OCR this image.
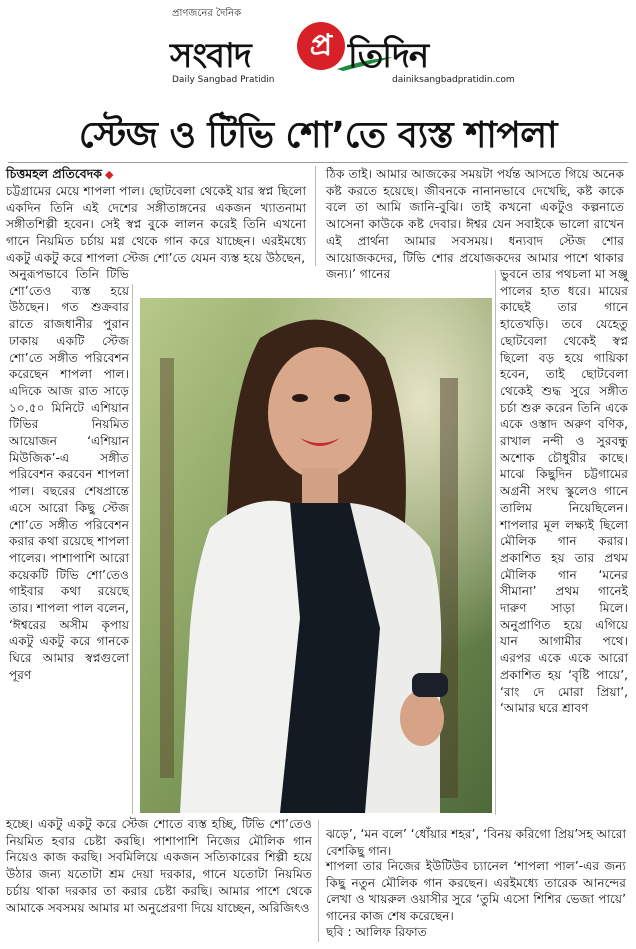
প্রাণজনের দৈনিক
সংবাদ	প্র তিদিন
Daily Sangbad Pratidin	dainiksangbadpratidin.com
স্টেজ ও টিভি শো’তে ব্যস্ত শাপলা
চিত্তমহল প্রতিবেদক ◆

চট্টগ্রামের মেয়ে শাপলা পাল। ছোটবেলা থেকেই যার স্বপ্ন ছিলো একদিন তিনি এই দেশের সঙ্গীতাঙ্গনের একজন খ্যাতনামা সঙ্গীতশিল্পী হবেন। সেই স্বপ্ন বুকে লালন করেই তিনি এখনো গানে নিয়মিত চর্চায় মগ্ন থেকে গান করে যাচ্ছেন। এরইমধ্যে একটু একটু করে শাপলা স্টেজ শো’তে যেমন ব্যস্ত হয়ে উঠছেন,

অনুরূপভাবে তিনি টিভি শো’তেও ব্যস্ত হয়ে উঠছেন। গত শুক্রবার রাতে রাজধানীর পুরান ঢাকায় একটি স্টেজ শো’তে সঙ্গীত পরিবেশন করেছেন শাপলা পাল। এদিকে আজ রাত সাড়ে ১০.৫০ মিনিটে এশিয়ান টিভির নিয়মিত আয়োজন ‘এশিয়ান মিউজিক’-এ সঙ্গীত পরিবেশন করবেন শাপলা পাল। বছরের শেষপ্রান্তে এসে আরো কিছু স্টেজ শো’তে সঙ্গীত পরিবেশন করার কথা রয়েছে শাপলা পালের। পাশাপাশি আরো কয়েকটি টিভি শো’তেও গাইবার কথা রয়েছে তার। শাপলা পাল বলেন, ‘ঈশ্বরের অসীম কৃপায় একটু একটু করে গানকে ঘিরে আমার স্বপ্নগুলো পূরণ

হচ্ছে। একটু একটু করে স্টেজ শোতে ব্যস্ত হচ্ছি, টিভি শো’তেও নিয়মিত হবার চেষ্টা করছি। পাশাপাশি নিজের মৌলিক গান নিয়েও কাজ করছি। সবমিলিয়ে একজন সত্যিকারের শিল্পী হয়ে উঠার জন্য যতোটা শ্রম দেয়া দরকার, গানে যতোটা নিয়মিত চর্চায় থাকা দরকার তা করার চেষ্টা করছি। আমার পাশে থেকে আমাকে সবসময় আমার মা অনুপ্রেরণা দিয়ে যাচ্ছেন, অরিজিৎও

ঠিক তাই। আমার আজকের সময়টা পর্যন্ত আসতে গিয়ে অনেক কষ্ট করতে হয়েছে। জীবনকে নানানভাবে দেখেছি, কষ্ট কাকে বলে তা আমি জানি-বুঝি। তাই কখনো একটুও কল্পনাতে আসেনা কাউকে কষ্ট দেবার। ঈশ্বর যেন সবাইকে ভালো রাখেন এই প্রার্থনা আমার সবসময়। ধন্যবাদ স্টেজ শোর আয়োজকদের, টিভি শোর প্রযোজকদের আমার পাশে থাকার জন্য।’ গানের	ভুবনে তার পথচলা মা সঞ্জু পালের হাত ধরে। মায়ের কাছেই তার গানে হাতেখড়ি। তবে যেহেতু ছোটবেলা থেকেই স্বপ্ন ছিলো বড় হয়ে গায়িকা হবেন, তাই ছোটবেলা থেকেই শুদ্ধ সুরে সঙ্গীত চর্চা শুরু করেন তিনি একে একে ওস্তাদ অরুণ বণিক, রাখাল নন্দী ও সুরবন্ধু অশোক চৌধুরীর কাছে। মাঝে কিছুদিন চট্টগামের অগ্রনী সংঘ স্কুলেও গানে তালিম নিয়েছিলেন। শাপলার মূল লক্ষ্যই ছিলো মৌলিক গান করার। প্রকাশিত হয় তার প্রথম মৌলিক গান ‘মনের সীমানা’ প্রথম গানেই দারুণ সাড়া মিলে। অনুপ্রাণিত হয়ে এগিয়ে যান আগামীর পথে। এরপর একে একে আরো প্রকাশিত হয় ‘বৃষ্টি পায়ে’, ‘রাং দে মোরা প্রিয়া’, ‘আমার ঘরে শ্রাবণ

ঝড়ে’, ‘মন বলে’ ‘ধোঁয়ার শহর’, ‘বিনয় করিগো প্রিয়’সহ আরো বেশকিছু গান।

শাপলা তার নিজের ইউটিউব চ্যানেল ‘শাপলা পাল’-এর জন্য কিছু নতুন মৌলিক গান করছেন। এরইমধ্যে তারেক আনন্দের লেখা ও খায়রুল ওয়াসীর সুরে ‘তুমি এসো শিশির ভেজা পায়ে’ গানের কাজ শেষ করেছেন।

ছবি : আলিফ রিফাত
